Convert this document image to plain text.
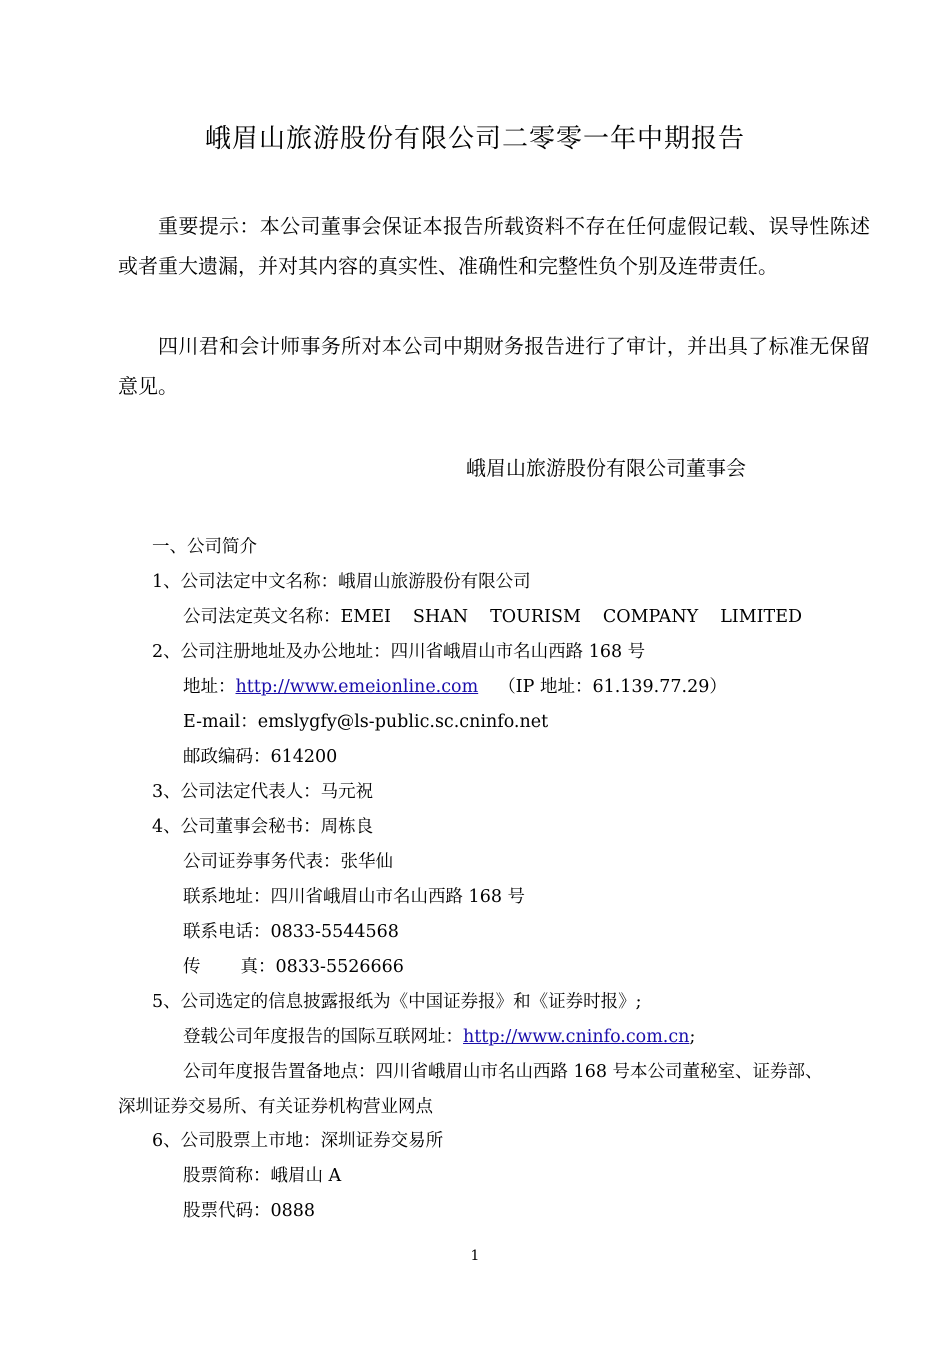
峨眉山旅游股份有限公司二零零一年中期报告
重要提示：本公司董事会保证本报告所载资料不存在任何虚假记载、误导性陈述或者重大遗漏，并对其内容的真实性、准确性和完整性负个别及连带责任。
四川君和会计师事务所对本公司中期财务报告进行了审计，并出具了标准无保留意见。
峨眉山旅游股份有限公司董事会
一、公司简介
1、公司法定中文名称：峨眉山旅游股份有限公司
公司法定英文名称：EMEI SHAN TOURISM COMPANY LIMITED
2、公司注册地址及办公地址：四川省峨眉山市名山西路 168 号
地址：http://www.emeionline.com （IP 地址：61.139.77.29）
E-mail：emslygfy@ls-public.sc.cninfo.net
邮政编码：614200
3、公司法定代表人：马元祝
4、公司董事会秘书：周栋良
公司证券事务代表：张华仙
联系地址：四川省峨眉山市名山西路 168 号
联系电话：0833-5544568
传 真：0833-5526666
5、公司选定的信息披露报纸为《中国证券报》和《证券时报》;
登载公司年度报告的国际互联网址：http://www.cninfo.com.cn;
公司年度报告置备地点：四川省峨眉山市名山西路 168 号本公司董秘室、证券部、
深圳证券交易所、有关证券机构营业网点
6、公司股票上市地：深圳证券交易所
股票简称：峨眉山 A
股票代码：0888
1
